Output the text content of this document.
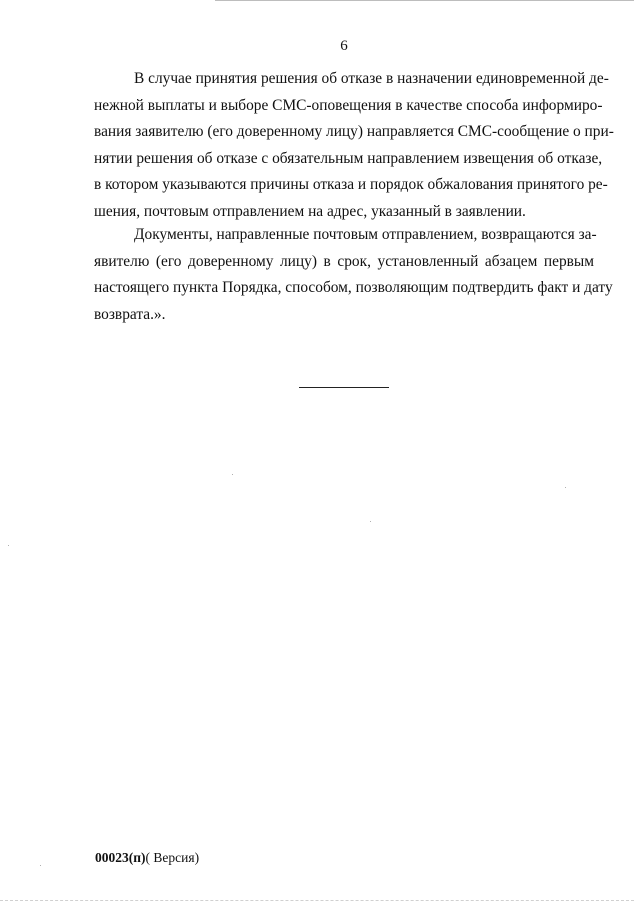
6
В случае принятия решения об отказе в назначении единовременной де-
нежной выплаты и выборе СМС-оповещения в качестве способа информиро-
вания заявителю (его доверенному лицу) направляется СМС-сообщение о при-
нятии решения об отказе с обязательным направлением извещения об отказе,
в котором указываются причины отказа и порядок обжалования принятого ре-
шения, почтовым отправлением на адрес, указанный в заявлении.
Документы, направленные почтовым отправлением, возвращаются за-
явителю (его доверенному лицу) в срок, установленный абзацем первым
настоящего пункта Порядка, способом, позволяющим подтвердить факт и дату
возврата.».
00023(п)( Версия)
